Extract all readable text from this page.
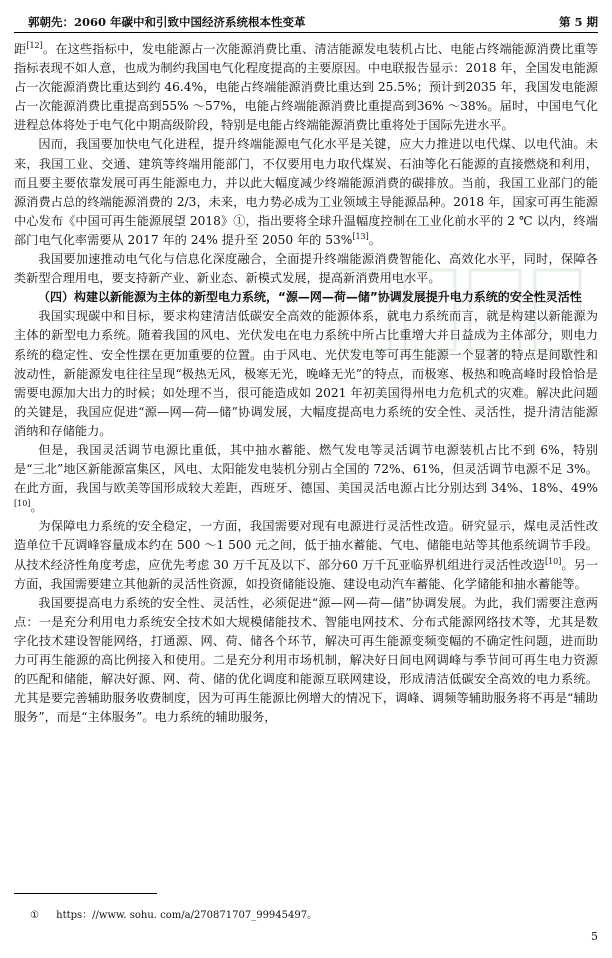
郭朝先：2060 年碳中和引致中国经济系统根本性变革	第 5 期

距[12]。在这些指标中，发电能源占一次能源消费比重、清洁能源发电装机占比、电能占终端能源消费比重等指标表现不如人意，也成为制约我国电气化程度提高的主要原因。中电联报告显示：2018 年，全国发电能源占一次能源消费比重达到约 46.4%，电能占终端能源消费比重达到 25.5%；预计到2035 年，我国发电能源占一次能源消费比重提高到55% ～57%，电能占终端能源消费比重提高到36% ～38%。届时，中国电气化进程总体将处于电气化中期高级阶段，特别是电能占终端能源消费比重将处于国际先进水平。

因而，我国要加快电气化进程，提升终端能源电气化水平是关键，应大力推进以电代煤、以电代油。未来，我国工业、交通、建筑等终端用能部门，不仅要用电力取代煤炭、石油等化石能源的直接燃烧和利用，而且要主要依靠发展可再生能源电力，并以此大幅度减少终端能源消费的碳排放。当前，我国工业部门的能源消费占总的终端能源消费的 2/3，未来，电力势必成为工业领域主导能源品种。2018 年，国家可再生能源中心发布《中国可再生能源展望 2018》①，指出要将全球升温幅度控制在工业化前水平的 2 ℃ 以内，终端部门电气化率需要从 2017 年的 24% 提升至 2050 年的 53%[13]。

我国要加速推动电气化与信息化深度融合，全面提升终端能源消费智能化、高效化水平，同时，保障各类新型合理用电，要支持新产业、新业态、新模式发展，提高新消费用电水平。

（四）构建以新能源为主体的新型电力系统，“源—网—荷—储”协调发展提升电力系统的安全性灵活性

我国实现碳中和目标，要求构建清洁低碳安全高效的能源体系，就电力系统而言，就是构建以新能源为主体的新型电力系统。随着我国的风电、光伏发电在电力系统中所占比重增大并日益成为主体部分，则电力系统的稳定性、安全性摆在更加重要的位置。由于风电、光伏发电等可再生能源一个显著的特点是间歇性和波动性，新能源发电往往呈现“极热无风，极寒无光，晚峰无光”的特点，而极寒、极热和晚高峰时段恰恰是需要电源加大出力的时候；如处理不当，很可能造成如 2021 年初美国得州电力危机式的灾难。解决此问题的关键是，我国应促进“源—网—荷—储”协调发展，大幅度提高电力系统的安全性、灵活性，提升清洁能源消纳和存储能力。

但是，我国灵活调节电源比重低，其中抽水蓄能、燃气发电等灵活调节电源装机占比不到 6%，特别是“三北”地区新能源富集区，风电、太阳能发电装机分别占全国的 72%、61%，但灵活调节电源不足 3%。在此方面，我国与欧美等国形成较大差距，西班牙、德国、美国灵活电源占比分别达到 34%、18%、49%[10]。

为保障电力系统的安全稳定，一方面，我国需要对现有电源进行灵活性改造。研究显示，煤电灵活性改造单位千瓦调峰容量成本约在 500 ～1 500 元之间，低于抽水蓄能、气电、储能电站等其他系统调节手段。从技术经济性角度考虑，应优先考虑 30 万千瓦及以下、部分60 万千瓦亚临界机组进行灵活性改造[10]。另一方面，我国需要建立其他新的灵活性资源，如投资储能设施、建设电动汽车蓄能、化学储能和抽水蓄能等。

我国要提高电力系统的安全性、灵活性，必须促进“源—网—荷—储”协调发展。为此，我们需要注意两点：一是充分利用电力系统安全技术如大规模储能技术、智能电网技术、分布式能源网络技术等，尤其是数字化技术建设智能网络，打通源、网、荷、储各个环节，解决可再生能源变频变幅的不确定性问题，进而助力可再生能源的高比例接入和使用。二是充分利用市场机制，解决好日间电网调峰与季节间可再生电力资源的匹配和储能，解决好源、网、荷、储的优化调度和能源互联网建设，形成清洁低碳安全高效的电力系统。尤其是要完善辅助服务收费制度，因为可再生能源比例增大的情况下，调峰、调频等辅助服务将不再是“辅助服务”，而是“主体服务”。电力系统的辅助服务，

① https：//www. sohu. com/a/270871707_99945497。
5
